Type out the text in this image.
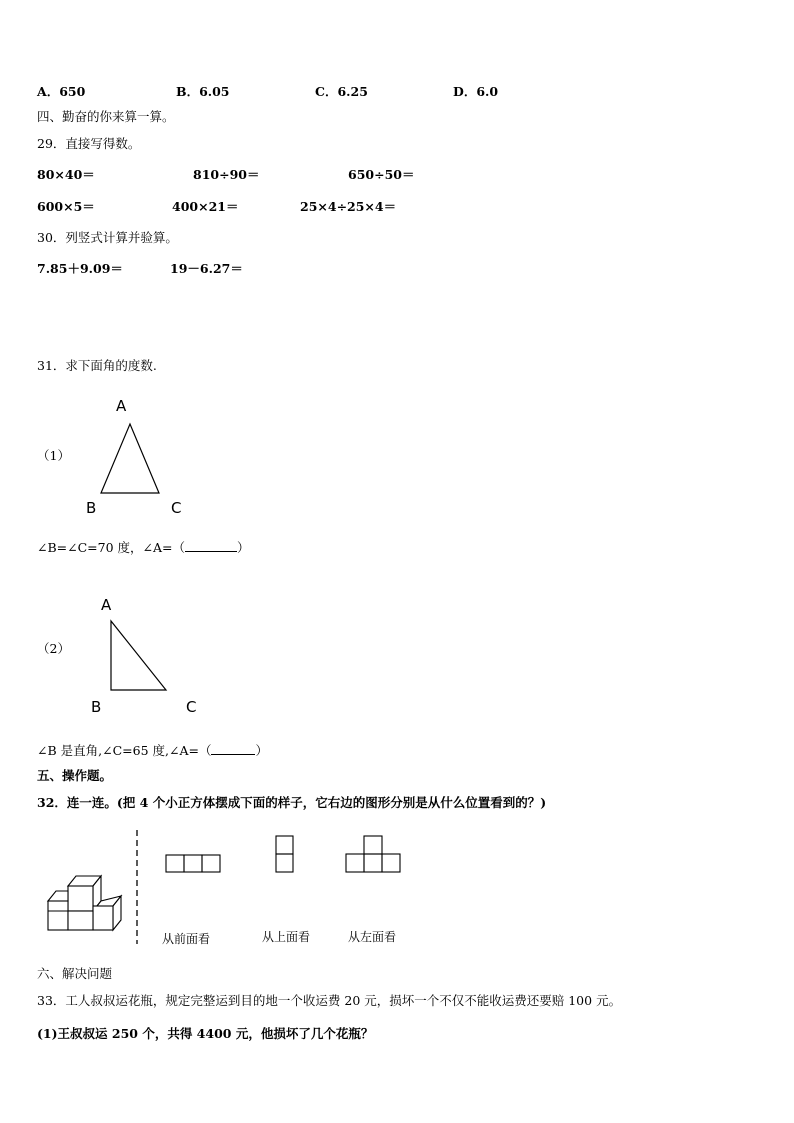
A．650	B．6.05	C．6.25	D．6.0
四、勤奋的你来算一算。
29．直接写得数。
80×40＝	810÷90＝	650÷50＝
600×5＝	400×21＝	25×4÷25×4＝
30．列竖式计算并验算。
7.85＋9.09＝	19－6.27＝
31．求下面角的度数.
A
（1）
B	C
∠B=∠C=70 度，∠A=（	）
A
（2）
B	C
∠B 是直角,∠C=65 度,∠A=（	）
五、操作题。
32．连一连。(把 4 个小正方体摆成下面的样子，它右边的图形分别是从什么位置看到的？)
从前面看	从上面看	从左面看
六、解决问题
33．工人叔叔运花瓶，规定完整运到目的地一个收运费 20 元，损坏一个不仅不能收运费还要赔 100 元。
(1)王叔叔运 250 个，共得 4400 元，他损坏了几个花瓶？
